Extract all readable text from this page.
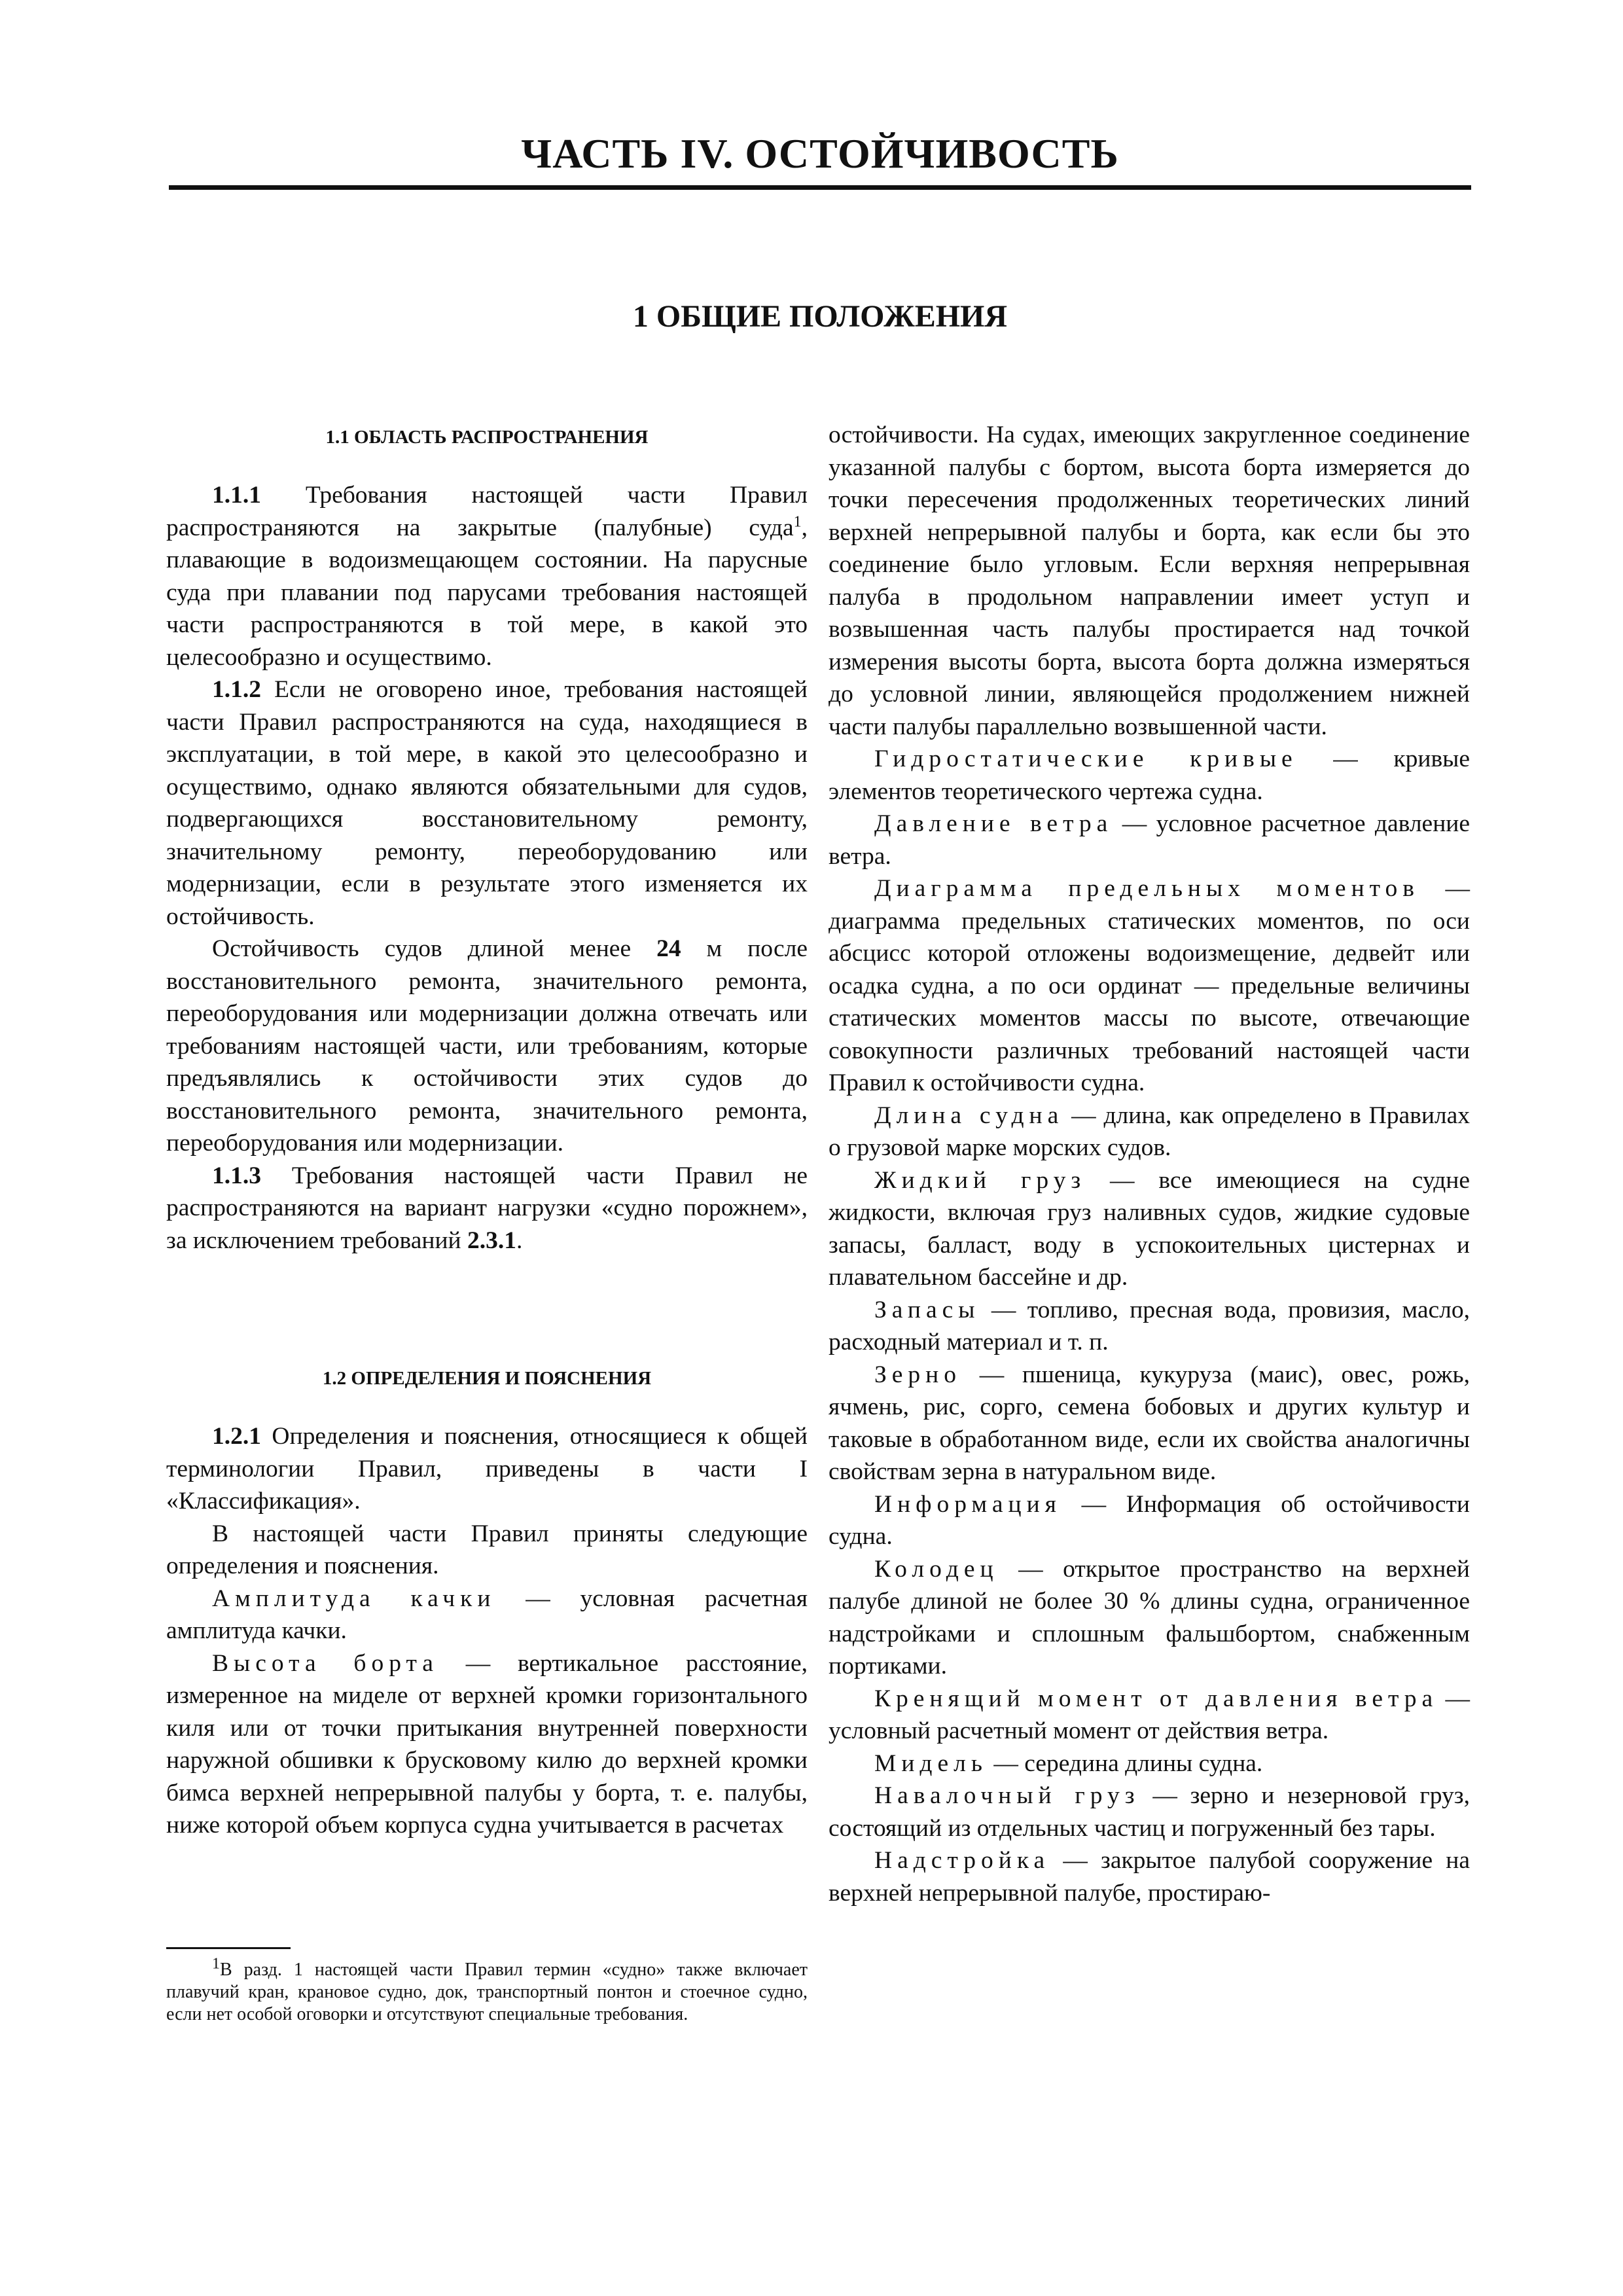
ЧАСТЬ IV. ОСТОЙЧИВОСТЬ
1 ОБЩИЕ ПОЛОЖЕНИЯ

1.1 ОБЛАСТЬ РАСПРОСТРАНЕНИЯ

1.1.1 Требования настоящей части Правил распространяются на закрытые (палубные) суда$^1$, плавающие в водоизмещающем состоянии. На парусные суда при плавании под парусами требования настоящей части распространяются в той мере, в какой это целесообразно и осуществимо.

1.1.2 Если не оговорено иное, требования настоящей части Правил распространяются на суда, находящиеся в эксплуатации, в той мере, в какой это целесообразно и осуществимо, однако являются обязательными для судов, подвергающихся восстановительному ремонту, значительному ремонту, переоборудованию или модернизации, если в результате этого изменяется их остойчивость.

Остойчивость судов длиной менее 24 м после восстановительного ремонта, значительного ремонта, переоборудования или модернизации должна отвечать или требованиям настоящей части, или требованиям, которые предъявлялись к остойчивости этих судов до восстановительного ремонта, значительного ремонта, переоборудования или модернизации.

1.1.3 Требования настоящей части Правил не распространяются на вариант нагрузки «судно порожнем», за исключением требований 2.3.1.

1.2 ОПРЕДЕЛЕНИЯ И ПОЯСНЕНИЯ

1.2.1 Определения и пояснения, относящиеся к общей терминологии Правил, приведены в части I «Классификация».

В настоящей части Правил приняты следующие определения и пояснения.

Амплитуда качки — условная расчетная амплитуда качки.

Высота борта — вертикальное расстояние, измеренное на миделе от верхней кромки горизонтального киля или от точки притыкания внутренней поверхности наружной обшивки к брусковому килю до верхней кромки бимса верхней непрерывной палубы у борта, т. е. палубы, ниже которой объем корпуса судна учитывается в расчетах

$^1$В разд. 1 настоящей части Правил термин «судно» также включает плавучий кран, крановое судно, док, транспортный понтон и стоечное судно, если нет особой оговорки и отсутствуют специальные требования.

остойчивости. На судах, имеющих закругленное соединение указанной палубы с бортом, высота борта измеряется до точки пересечения продолженных теоретических линий верхней непрерывной палубы и борта, как если бы это соединение было угловым. Если верхняя непрерывная палуба в продольном направлении имеет уступ и возвышенная часть палубы простирается над точкой измерения высоты борта, высота борта должна измеряться до условной линии, являющейся продолжением нижней части палубы параллельно возвышенной части.

Гидростатические кривые — кривые элементов теоретического чертежа судна.

Давление ветра — условное расчетное давление ветра.

Диаграмма предельных моментов — диаграмма предельных статических моментов, по оси абсцисс которой отложены водоизмещение, дедвейт или осадка судна, а по оси ординат — предельные величины статических моментов массы по высоте, отвечающие совокупности различных требований настоящей части Правил к остойчивости судна.

Длина судна — длина, как определено в Правилах о грузовой марке морских судов.

Жидкий груз — все имеющиеся на судне жидкости, включая груз наливных судов, жидкие судовые запасы, балласт, воду в успокоительных цистернах и плавательном бассейне и др.

Запасы — топливо, пресная вода, провизия, масло, расходный материал и т. п.

Зерно — пшеница, кукуруза (маис), овес, рожь, ячмень, рис, сорго, семена бобовых и других культур и таковые в обработанном виде, если их свойства аналогичны свойствам зерна в натуральном виде.

Информация — Информация об остойчивости судна.

Колодец — открытое пространство на верхней палубе длиной не более 30 % длины судна, ограниченное надстройками и сплошным фальшбортом, снабженным портиками.

Кренящий момент от давления ветра — условный расчетный момент от действия ветра.

Мидель — середина длины судна.

Навалочный груз — зерно и незерновой груз, состоящий из отдельных частиц и погруженный без тары.

Надстройка — закрытое палубой сооружение на верхней непрерывной палубе, простираю-
